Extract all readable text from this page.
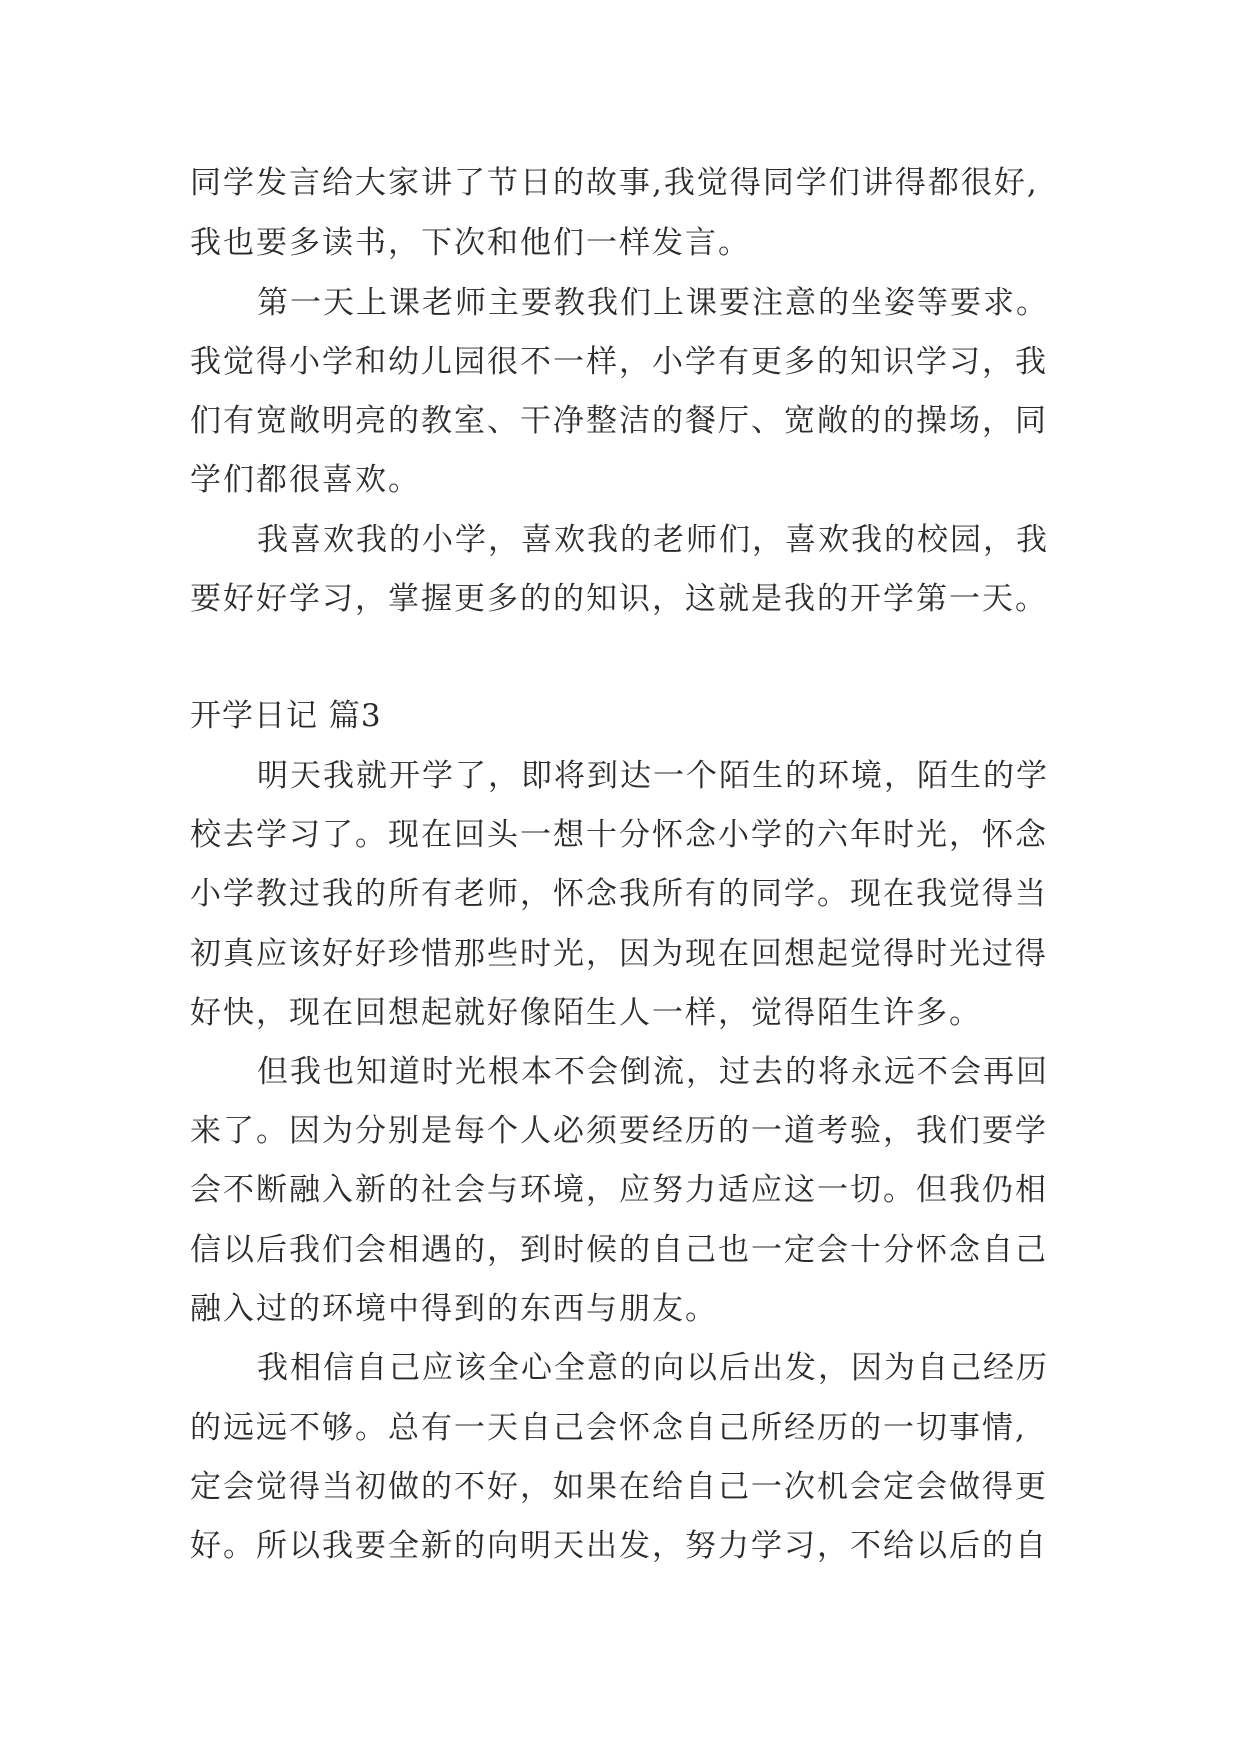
同学发言给大家讲了节日的故事,我觉得同学们讲得都很好,

我也要多读书，下次和他们一样发言。

第一天上课老师主要教我们上课要注意的坐姿等要求。

我觉得小学和幼儿园很不一样，小学有更多的知识学习，我

们有宽敞明亮的教室、干净整洁的餐厅、宽敞的的操场，同

学们都很喜欢。

我喜欢我的小学，喜欢我的老师们，喜欢我的校园，我

要好好学习，掌握更多的的知识，这就是我的开学第一天。

开学日记 篇3

明天我就开学了，即将到达一个陌生的环境，陌生的学

校去学习了。现在回头一想十分怀念小学的六年时光，怀念

小学教过我的所有老师，怀念我所有的同学。现在我觉得当

初真应该好好珍惜那些时光，因为现在回想起觉得时光过得

好快，现在回想起就好像陌生人一样，觉得陌生许多。

但我也知道时光根本不会倒流，过去的将永远不会再回

来了。因为分别是每个人必须要经历的一道考验，我们要学

会不断融入新的社会与环境，应努力适应这一切。但我仍相

信以后我们会相遇的，到时候的自己也一定会十分怀念自己

融入过的环境中得到的东西与朋友。

我相信自己应该全心全意的向以后出发，因为自己经历

的远远不够。总有一天自己会怀念自己所经历的一切事情,

定会觉得当初做的不好，如果在给自己一次机会定会做得更

好。所以我要全新的向明天出发，努力学习，不给以后的自
